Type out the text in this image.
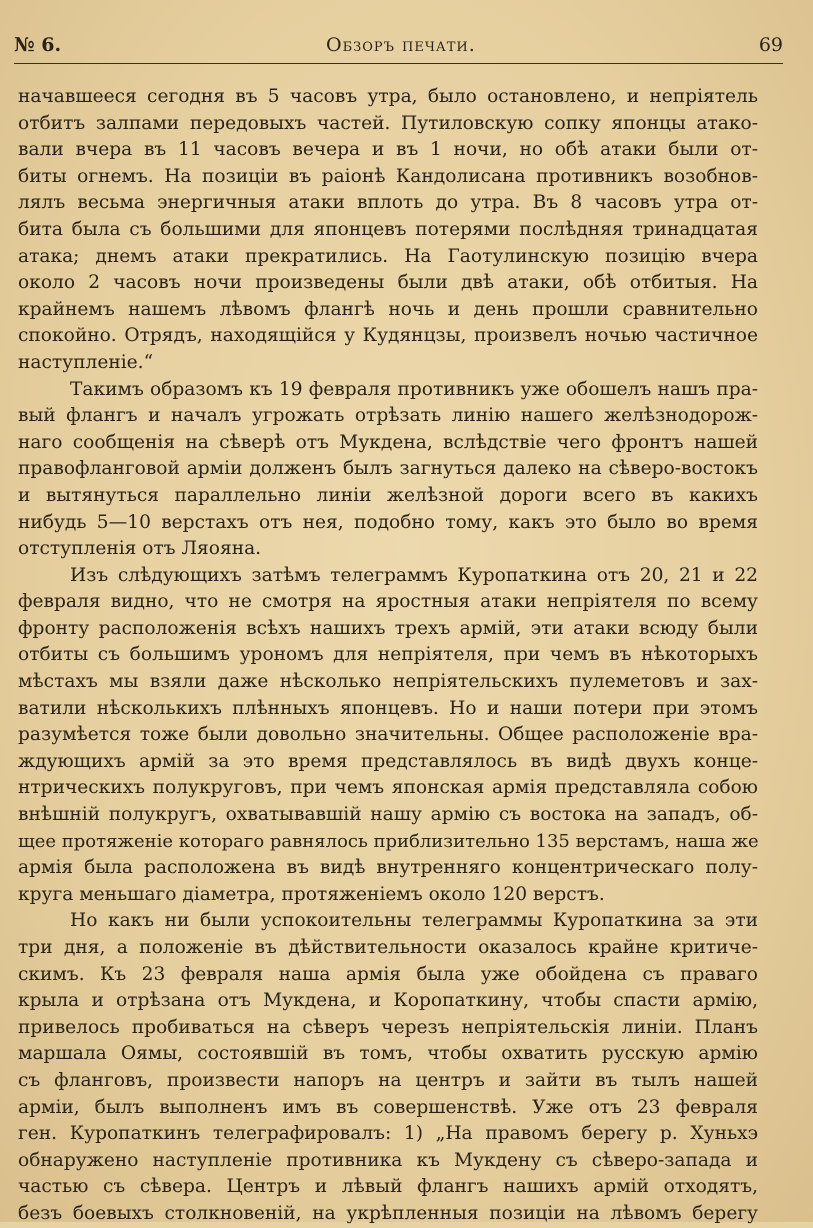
№ 6.	Обзоръ печати.	69
начавшееся сегодня въ 5 часовъ утра, было остановлено, и непріятель
отбитъ залпами передовыхъ частей. Путиловскую сопку японцы атако-
вали вчера въ 11 часовъ вечера и въ 1 ночи, но обѣ атаки были от-
биты огнемъ. На позиціи въ раіонѣ Кандолисана противникъ возобнов-
лялъ весьма энергичныя атаки вплоть до утра. Въ 8 часовъ утра от-
бита была съ большими для японцевъ потерями послѣдняя тринадцатая
атака; днемъ атаки прекратились. На Гаотулинскую позицію вчера
около 2 часовъ ночи произведены были двѣ атаки, обѣ отбитыя. На
крайнемъ нашемъ лѣвомъ флангѣ ночь и день прошли сравнительно
спокойно. Отрядъ, находящійся у Кудянцзы, произвелъ ночью частичное
наступленіе.“
Такимъ образомъ къ 19 февраля противникъ уже обошелъ нашъ пра-
вый флангъ и началъ угрожать отрѣзать линію нашего желѣзнодорож-
наго сообщенія на сѣверѣ отъ Мукдена, вслѣдствіе чего фронтъ нашей
правофланговой арміи долженъ былъ загнуться далеко на сѣверо-востокъ
и вытянуться параллельно линіи желѣзной дороги всего въ какихъ
нибудь 5—10 верстахъ отъ нея, подобно тому, какъ это было во время
отступленія отъ Ляояна.
Изъ слѣдующихъ затѣмъ телеграммъ Куропаткина отъ 20, 21 и 22
февраля видно, что не смотря на яростныя атаки непріятеля по всему
фронту расположенія всѣхъ нашихъ трехъ армій, эти атаки всюду были
отбиты съ большимъ урономъ для непріятеля, при чемъ въ нѣкоторыхъ
мѣстахъ мы взяли даже нѣсколько непріятельскихъ пулеметовъ и зах-
ватили нѣсколькихъ плѣнныхъ японцевъ. Но и наши потери при этомъ
разумѣется тоже были довольно значительны. Общее расположеніе вра-
ждующихъ армій за это время представлялось въ видѣ двухъ конце-
нтрическихъ полукруговъ, при чемъ японская армія представляла собою
внѣшній полукругъ, охватывавшій нашу армію съ востока на западъ, об-
щее протяженіе котораго равнялось приблизительно 135 верстамъ, наша же
армія была расположена въ видѣ внутренняго концентрическаго полу-
круга меньшаго діаметра, протяженіемъ около 120 верстъ.
Но какъ ни были успокоительны телеграммы Куропаткина за эти
три дня, а положеніе въ дѣйствительности оказалось крайне критиче-
скимъ. Къ 23 февраля наша армія была уже обойдена съ праваго
крыла и отрѣзана отъ Мукдена, и Коропаткину, чтобы спасти армію,
привелось пробиваться на сѣверъ черезъ непріятельскія линіи. Планъ
маршала Оямы, состоявшій въ томъ, чтобы охватить русскую армію
съ фланговъ, произвести напоръ на центръ и зайти въ тылъ нашей
арміи, былъ выполненъ имъ въ совершенствѣ. Уже отъ 23 февраля
ген. Куропаткинъ телеграфировалъ: 1) „На правомъ берегу р. Хуньхэ
обнаружено наступленіе противника къ Мукдену съ сѣверо-запада и
частью съ сѣвера. Центръ и лѣвый флангъ нашихъ армій отходятъ,
безъ боевыхъ столкновеній, на укрѣпленныя позиціи на лѣвомъ берегу
